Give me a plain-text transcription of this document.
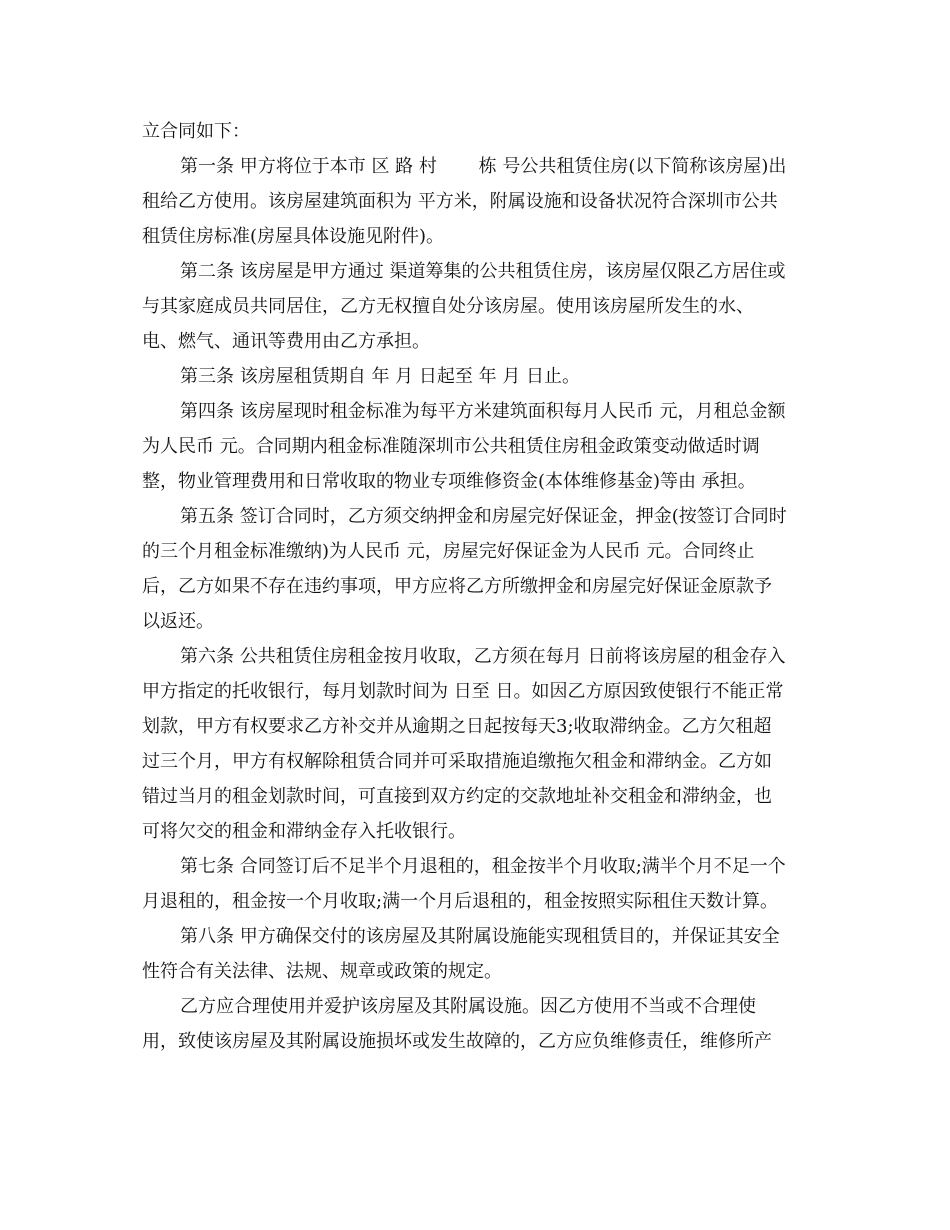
立合同如下：
第一条 甲方将位于本市 区 路 村　　 栋 号公共租赁住房(以下简称该房屋)出
租给乙方使用。该房屋建筑面积为 平方米，附属设施和设备状况符合深圳市公共
租赁住房标准(房屋具体设施见附件)。
第二条 该房屋是甲方通过 渠道筹集的公共租赁住房，该房屋仅限乙方居住或
与其家庭成员共同居住，乙方无权擅自处分该房屋。使用该房屋所发生的水、
电、燃气、通讯等费用由乙方承担。
第三条 该房屋租赁期自 年 月 日起至 年 月 日止。
第四条 该房屋现时租金标准为每平方米建筑面积每月人民币 元，月租总金额
为人民币 元。合同期内租金标准随深圳市公共租赁住房租金政策变动做适时调
整，物业管理费用和日常收取的物业专项维修资金(本体维修基金)等由 承担。
第五条 签订合同时，乙方须交纳押金和房屋完好保证金，押金(按签订合同时
的三个月租金标准缴纳)为人民币 元，房屋完好保证金为人民币 元。合同终止
后，乙方如果不存在违约事项，甲方应将乙方所缴押金和房屋完好保证金原款予
以返还。
第六条 公共租赁住房租金按月收取，乙方须在每月 日前将该房屋的租金存入
甲方指定的托收银行，每月划款时间为 日至 日。如因乙方原因致使银行不能正常
划款，甲方有权要求乙方补交并从逾期之日起按每天3;收取滞纳金。乙方欠租超
过三个月，甲方有权解除租赁合同并可采取措施追缴拖欠租金和滞纳金。乙方如
错过当月的租金划款时间，可直接到双方约定的交款地址补交租金和滞纳金，也
可将欠交的租金和滞纳金存入托收银行。
第七条 合同签订后不足半个月退租的，租金按半个月收取;满半个月不足一个
月退租的，租金按一个月收取;满一个月后退租的，租金按照实际租住天数计算。
第八条 甲方确保交付的该房屋及其附属设施能实现租赁目的，并保证其安全
性符合有关法律、法规、规章或政策的规定。
乙方应合理使用并爱护该房屋及其附属设施。因乙方使用不当或不合理使
用，致使该房屋及其附属设施损坏或发生故障的，乙方应负维修责任，维修所产
